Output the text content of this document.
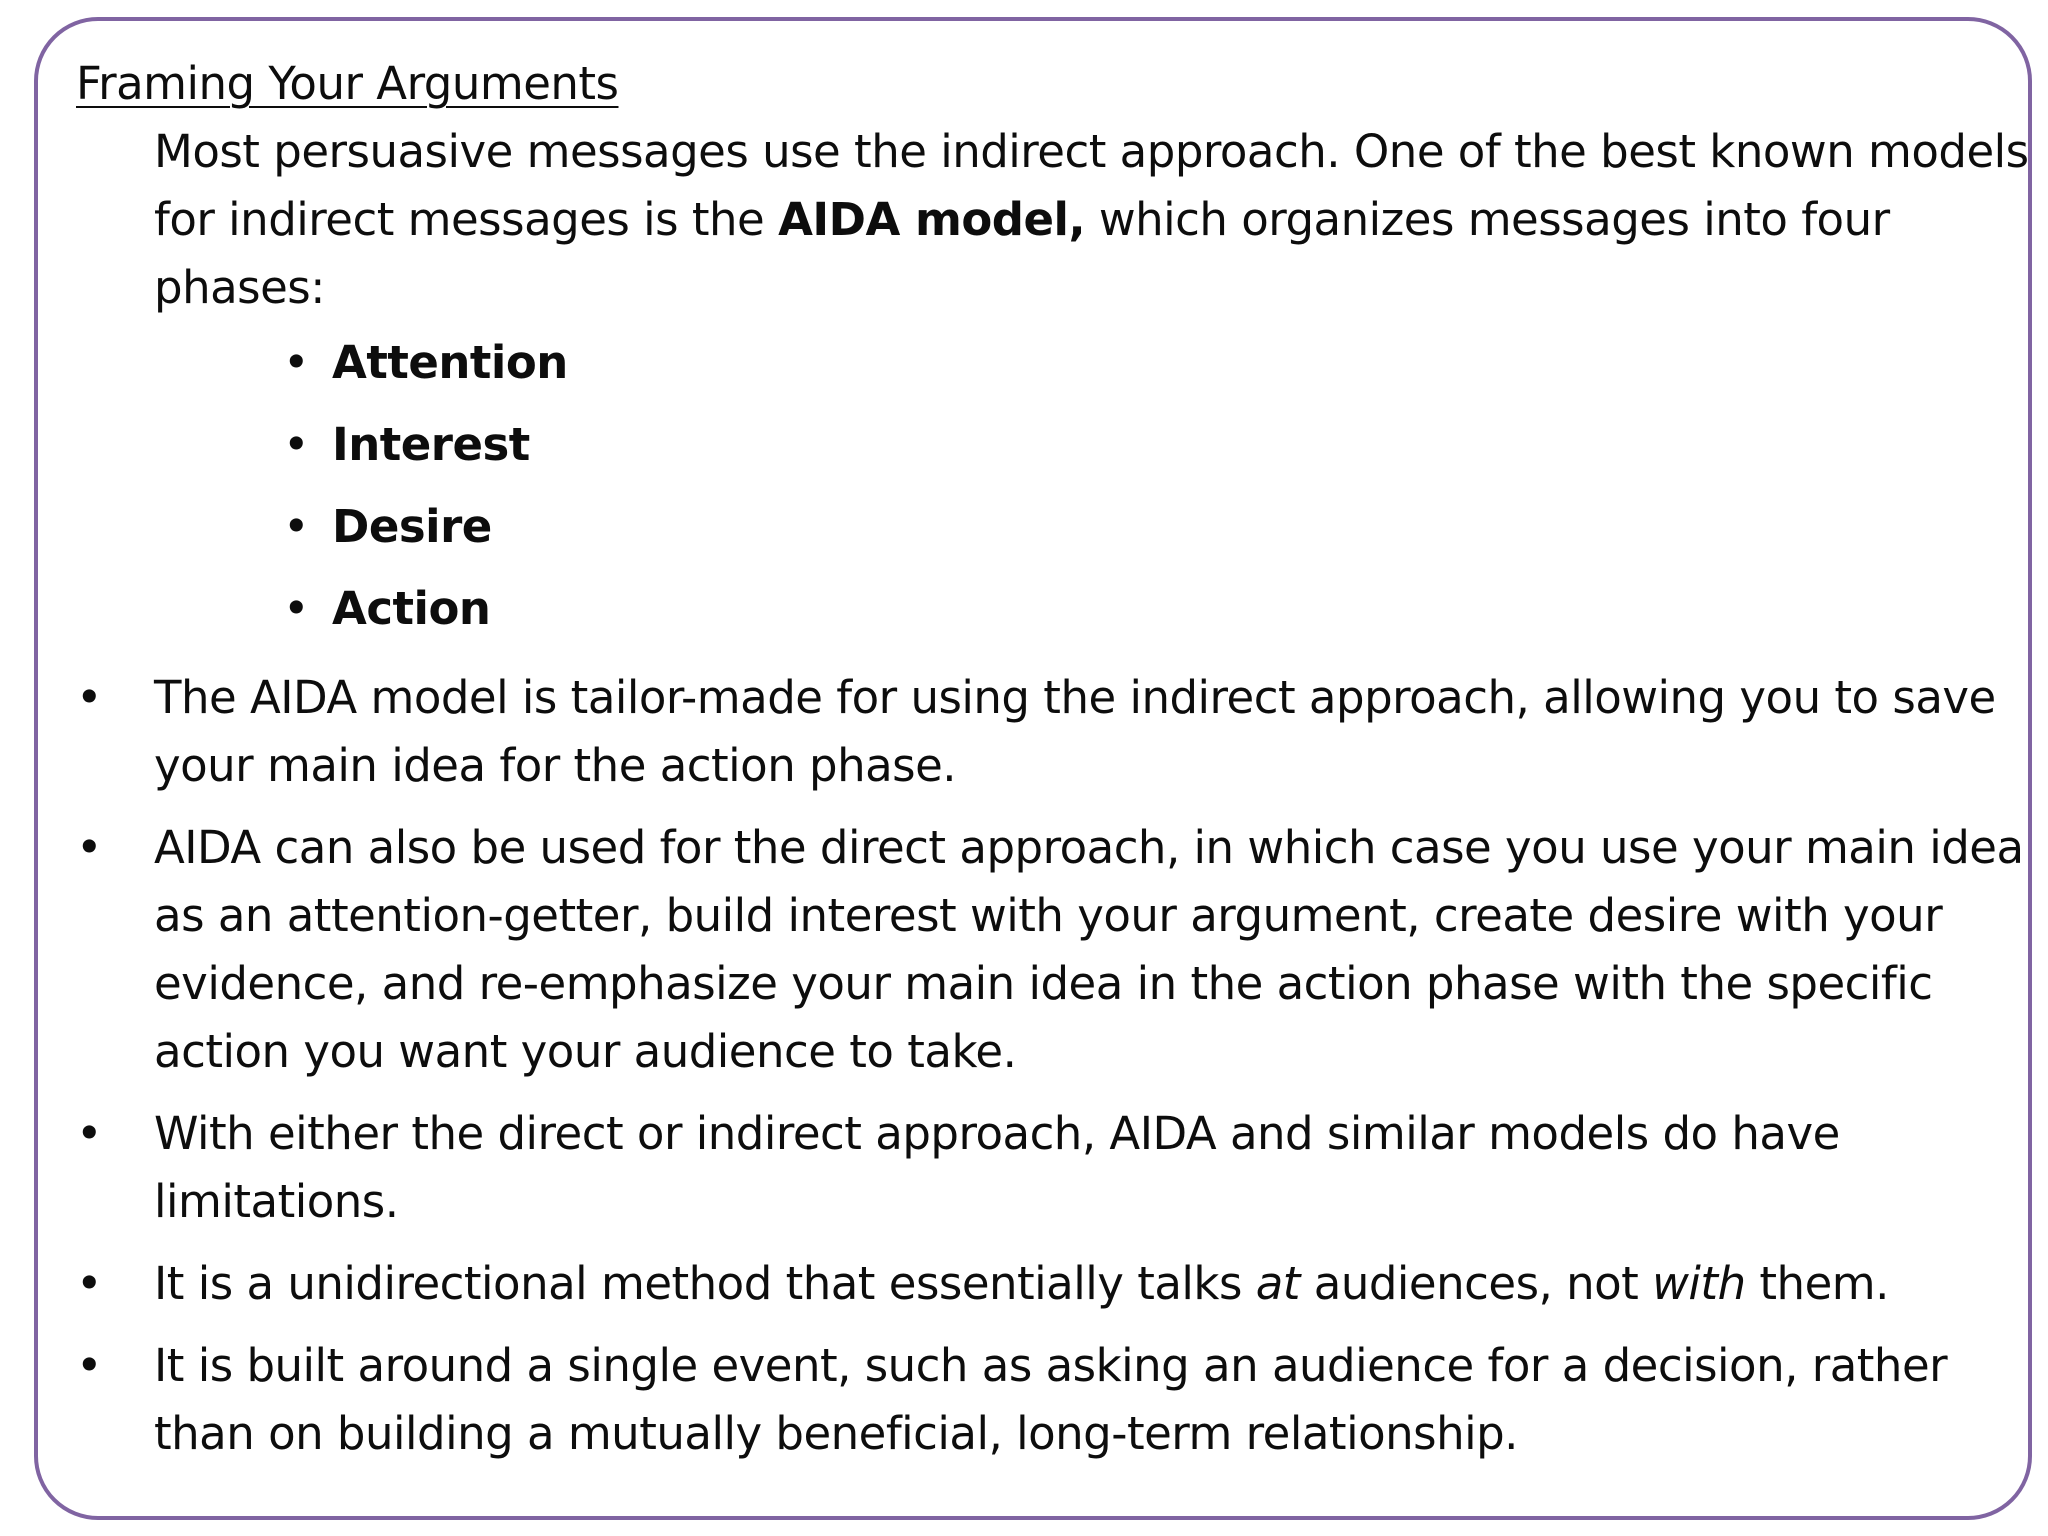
Framing Your Arguments

Most persuasive messages use the indirect approach. One of the best known models for indirect messages is the AIDA model, which organizes messages into four phases:

• Attention
• Interest
• Desire
• Action
• The AIDA model is tailor-made for using the indirect approach, allowing you to save your main idea for the action phase.
• AIDA can also be used for the direct approach, in which case you use your main idea as an attention-getter, build interest with your argument, create desire with your evidence, and re-emphasize your main idea in the action phase with the specific action you want your audience to take.
• With either the direct or indirect approach, AIDA and similar models do have limitations.
• It is a unidirectional method that essentially talks at audiences, not with them.
• It is built around a single event, such as asking an audience for a decision, rather than on building a mutually beneficial, long-term relationship.
